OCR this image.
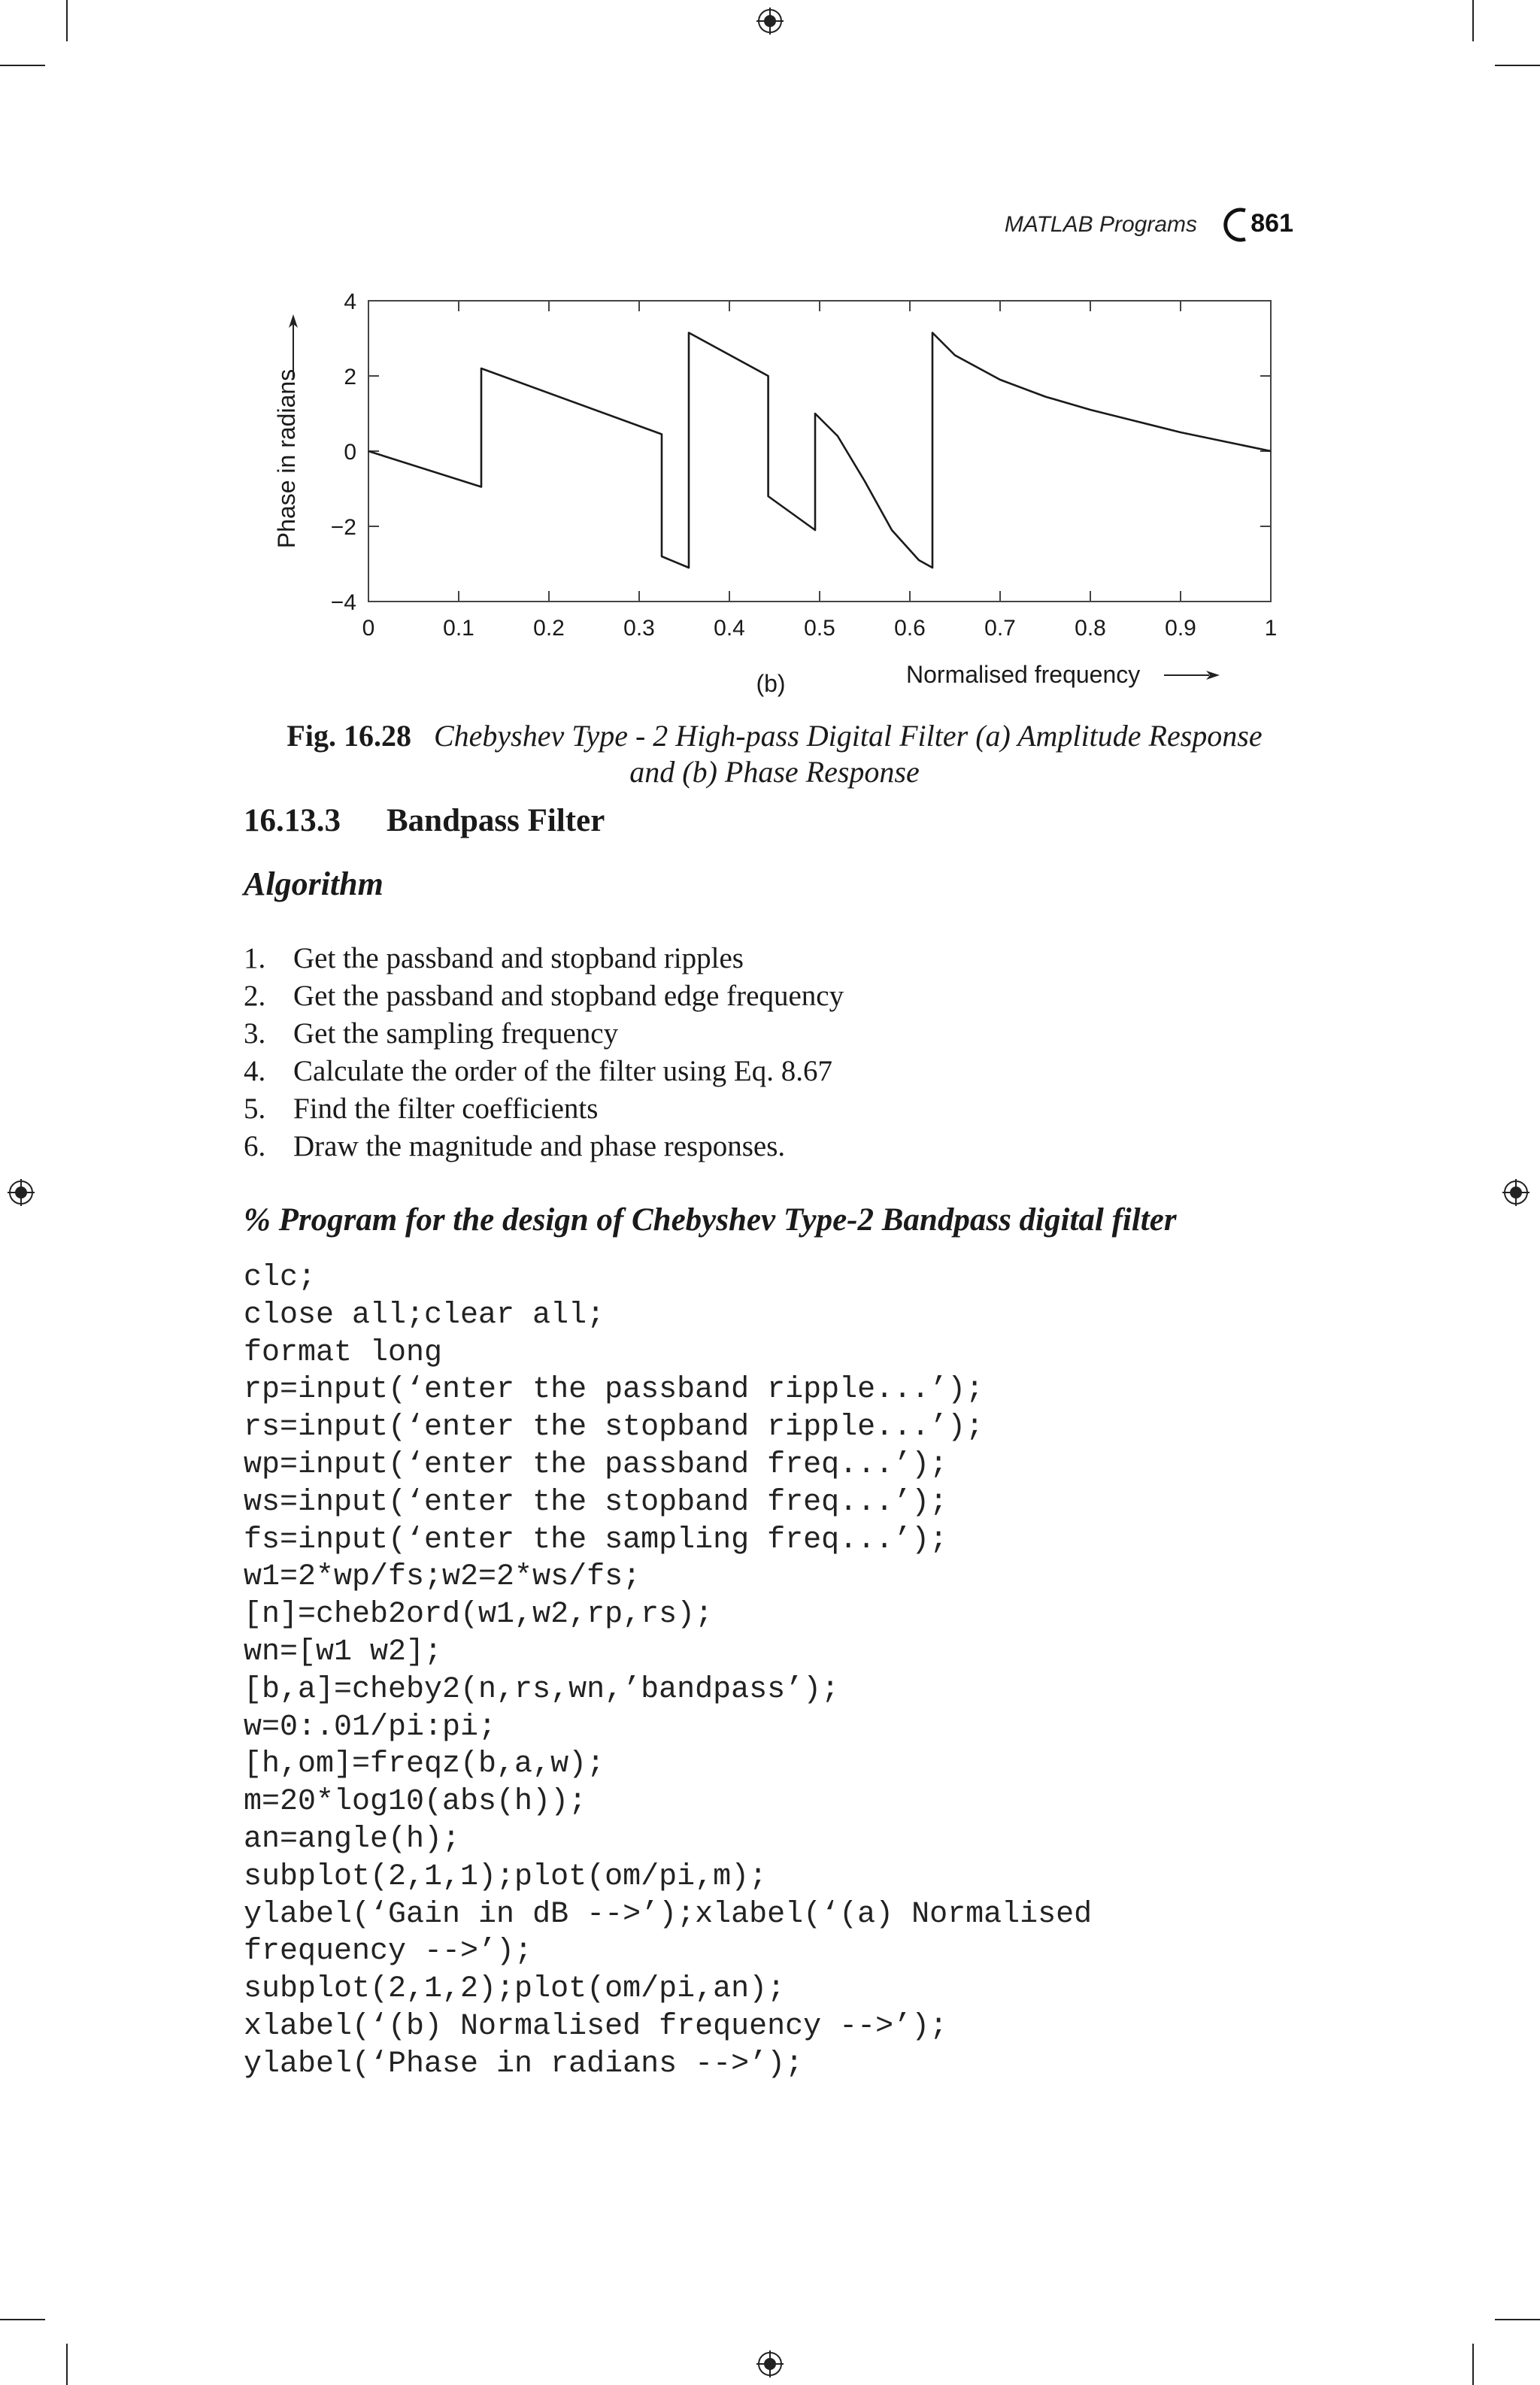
MATLAB Programs 861
4
2
0
−2
−4
0	0.1	0.2	0.3	0.4	0.5	0.6	0.7	0.8	0.9	1
Phase in radians
(b)	Normalised frequency
Fig. 16.28 Chebyshev Type - 2 High-pass Digital Filter (a) Amplitude Response
and (b) Phase Response
16.13.3 Bandpass Filter
Algorithm
1. Get the passband and stopband ripples
2. Get the passband and stopband edge frequency
3. Get the sampling frequency
4. Calculate the order of the filter using Eq. 8.67
5. Find the filter coefficients
6. Draw the magnitude and phase responses.
% Program for the design of Chebyshev Type-2 Bandpass digital filter
clc;
close all;clear all;
format long
rp=input(‘enter the passband ripple...’);
rs=input(‘enter the stopband ripple...’);
wp=input(‘enter the passband freq...’);
ws=input(‘enter the stopband freq...’);
fs=input(‘enter the sampling freq...’);
w1=2*wp/fs;w2=2*ws/fs;
[n]=cheb2ord(w1,w2,rp,rs);
wn=[w1 w2];
[b,a]=cheby2(n,rs,wn,’bandpass’);
w=0:.01/pi:pi;
[h,om]=freqz(b,a,w);
m=20*log10(abs(h));
an=angle(h);
subplot(2,1,1);plot(om/pi,m);
ylabel(‘Gain in dB -->’);xlabel(‘(a) Normalised
frequency -->’);
subplot(2,1,2);plot(om/pi,an);
xlabel(‘(b) Normalised frequency -->’);
ylabel(‘Phase in radians -->’);
